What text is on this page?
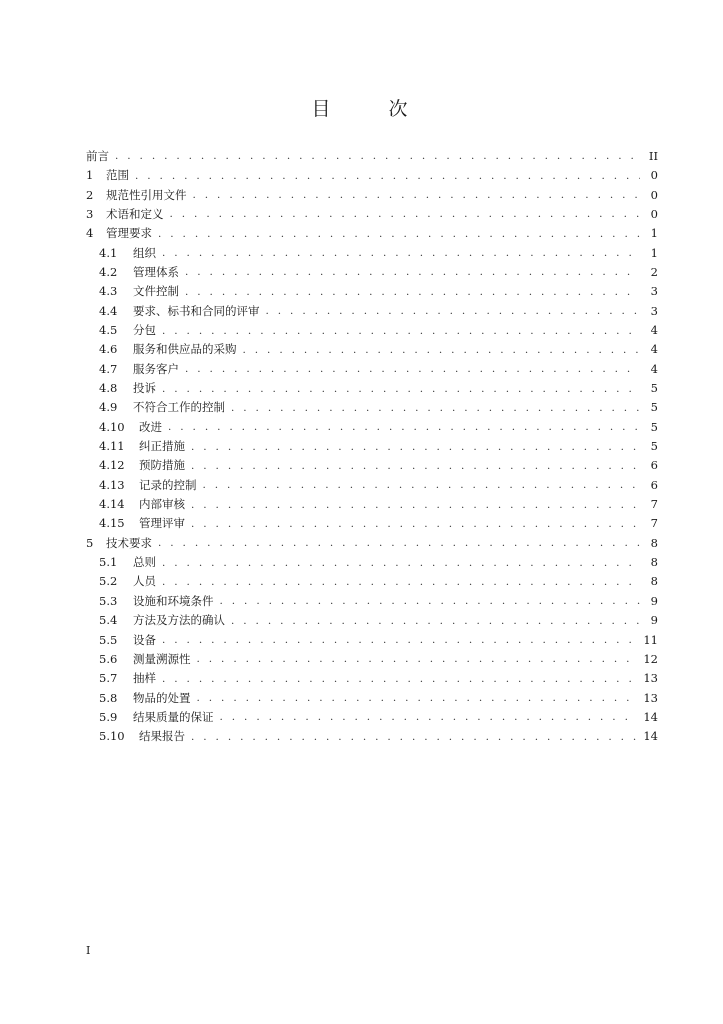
目 次
前言 . . .	II
1	范围 . . .	0
2	规范性引用文件 . . .	0
3	术语和定义 . . .	0
4	管理要求 . . .	1
4.1	组织 . . .	1
4.2	管理体系 . . .	2
4.3	文件控制 . . .	3
4.4	要求、标书和合同的评审 . . .	3
4.5	分包 . . .	4
4.6	服务和供应品的采购 . . .	4
4.7	服务客户 . . .	4
4.8	投诉 . . .	5
4.9	不符合工作的控制 . . .	5
4.10	改进 . . .	5
4.11	纠正措施 . . .	5
4.12	预防措施 . . .	6
4.13	记录的控制 . . .	6
4.14	内部审核 . . .	7
4.15	管理评审 . . .	7
5	技术要求 . . .	8
5.1	总则 . . .	8
5.2	人员 . . .	8
5.3	设施和环境条件 . . .	9
5.4	方法及方法的确认 . . .	9
5.5	设备 . . .	11
5.6	测量溯源性 . . .	12
5.7	抽样 . . .	13
5.8	物品的处置 . . .	13
5.9	结果质量的保证 . . .	14
5.10	结果报告 . . .	14
I
